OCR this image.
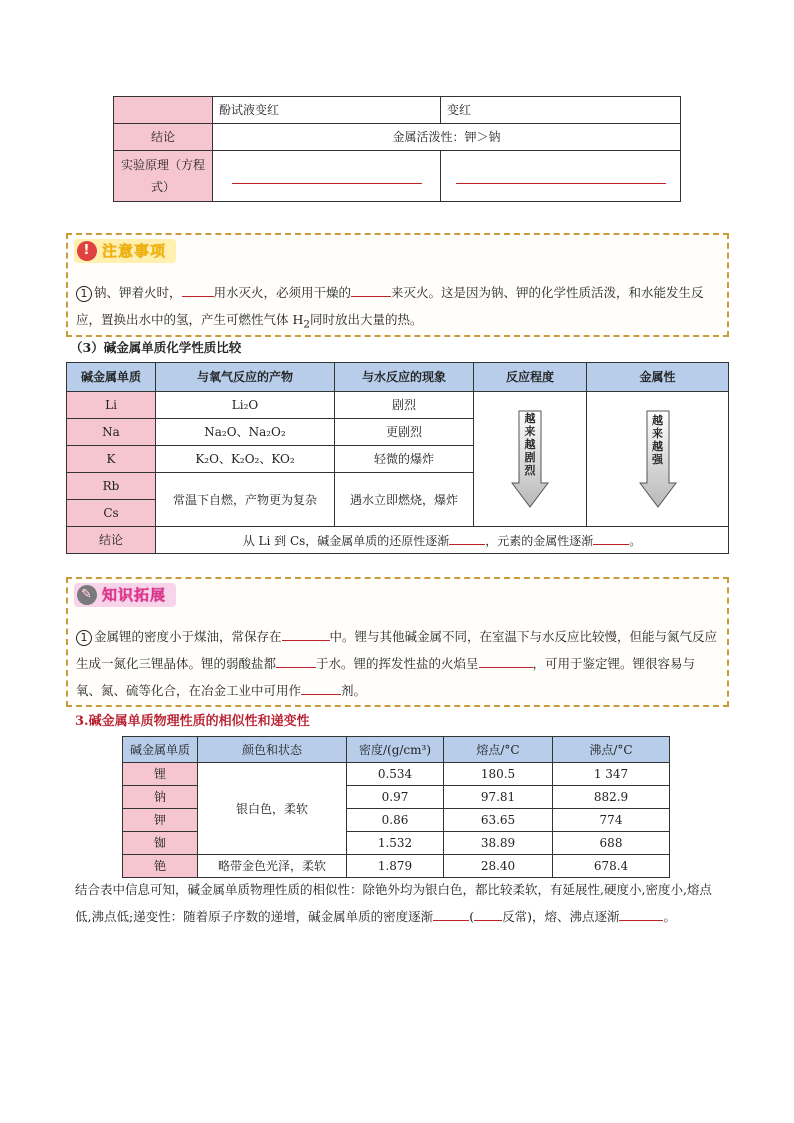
	酚试液变红	变红
结论	金属活泼性：钾＞钠	
实验原理（方程式）	

! 注意事项
1 钠、钾着火时，	用水灭火，必须用干燥的	来灭火。这是因为钠、钾的化学性质活泼，和水能发生反应，置换出水中的氢，产生可燃性气体 $H_2$同时放出大量的热。
（3）碱金属单质化学性质比较
碱金属单质	与氧气反应的产物	与水反应的现象	反应程度	金属性
Li	Li₂O	剧烈	越来越剧烈	越来越强

Na	Na₂O、Na₂O₂	更剧烈		
K	K₂O、K₂O₂、KO₂	轻微的爆炸		
Rb	常温下自燃，产物更为复杂	遇水立即燃烧，爆炸		
Cs				
结论	从 Li 到 Cs，碱金属单质的还原性逐渐 ，元素的金属性逐渐 。			
✎ 知识拓展
1 金属锂的密度小于煤油，常保存在	中。锂与其他碱金属不同，在室温下与水反应比较慢，但能与氮气反应生成一氮化三锂晶体。锂的弱酸盐都	于水。锂的挥发性盐的火焰呈	，可用于鉴定锂。锂很容易与氧、氮、硫等化合，在冶金工业中可用作	剂。
3.碱金属单质物理性质的相似性和递变性
碱金属单质	颜色和状态	密度/(g/cm³)	熔点/°C	沸点/°C
锂	银白色，柔软	0.534	180.5	1 347
钠		0.97	97.81	882.9
钾		0.86	63.65	774
铷		1.532	38.89	688
铯	略带金色光泽，柔软	1.879	28.40	678.4
结合表中信息可知，碱金属单质物理性质的相似性：除铯外均为银白色，都比较柔软，有延展性,硬度小,密度小,熔点低,沸点低;递变性：随着原子序数的递增，碱金属单质的密度逐渐	( 反常)，熔、沸点逐渐	。
